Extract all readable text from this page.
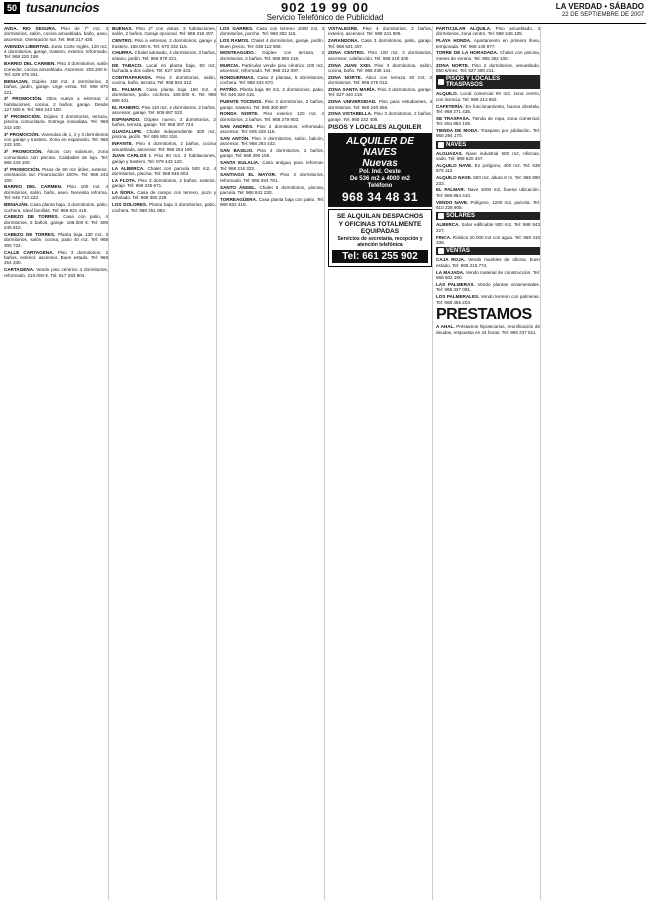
50 tusanuncios	902 19 99 00
Servicio Telefónico de Publicidad
LA VERDAD • SÁBADO
22 DE SEPTIEMBRE DE 2007

AVDA. RIO SEGURA. Piso de 7º m2, 3 dormitorios, salón, cocina amueblada, baño, aseo, ascensor. Orientación sur. Tel: 968 217 435.

AVENIDA LIBERTAD. Junto Corte Inglés, 120 m2, 4 dormitorios, garaje, trastero, exterior, reformado. Tel: 968 220 158.

BARRIO DEL CARMEN. Piso 3 dormitorios, salón comedor, cocina amueblada. Ascensor. 203.200 €. Tel: 629 375 451.

BENIAJAN. Dúplex 150 m2, 4 dormitorios, 2 baños, jardín, garaje. Urge venta. Tel: 968 870 221.

3ª PROMOCIÓN. Obra nueva a estrenar, 2 habitaciones, cocina, 2 baños, garaje. Desde 127.000 €. Tel: 968 243 100.

3ª PROMOCIÓN. Dúplex 3 dormitorios, terraza, piscina comunitaria. Entrega inmediata. Tel: 968 243 100.

3ª PROMOCIÓN. Viviendas de 1, 2 y 3 dormitorios con garaje y trastero. Zona en expansión. Tel: 968 243 100.

3ª PROMOCIÓN. Áticos con solarium, zona comunitaria con piscina. Calidades de lujo. Tel: 968 243 100.

3ª PROMOCIÓN. Pisos de 90 m2 útiles, exterior, orientación sur. Financiación 100%. Tel: 968 243 100.

BARRIO DEL CARMEN. Piso 100 m2, 4 dormitorios, salón, baño, aseo. Necesita reforma. Tel: 646 710 223.

BENIAJÁN. Casa planta baja, 3 dormitorios, patio, cochera. Ideal familias. Tel: 968 821 419.

CABEZO DE TORRES. Casa con patio, 4 dormitorios, 2 baños, garaje. 186.000 €. Tel: 609 245 810.

CABEZO DE TORRES. Planta baja 130 m2, 3 dormitorios, salón, cocina, patio 40 m2. Tel: 968 305 722.

CALLE CARTAGENA. Piso 3 dormitorios, 2 baños, exterior, ascensor. Buen estado. Tel: 968 254 330.

CARTAGENA. Vendo piso céntrico 4 dormitorios, reformado. 210.000 €. Tel: 617 283 904.

BUENAS. Piso 2º con vistas, 3 habitaciones, salón, 2 baños. Garaje opcional. Tel: 968 218 407.

CENTRO. Piso a estrenar, 2 dormitorios, garaje y trastero. 168.000 €. Tel: 670 332 115.

CHURRA. Chalet adosado, 4 dormitorios, 3 baños, sótano, jardín. Tel: 968 879 221.

DE TABACO. Local en planta baja, 80 m2, fachada a dos calles. Tel: 627 109 443.

CONTRAPARADA. Piso 3 dormitorios, salón, cocina, baño, terraza. Tel: 968 844 312.

EL PALMAR. Casa planta baja 150 m2, 4 dormitorios, patio, cochera. 189.000 €. Tel: 968 889 401.

EL RANERO. Piso 110 m2, 4 dormitorios, 2 baños, ascensor, garaje. Tel: 609 887 520.

ESPINARDO. Dúplex nuevo, 3 dormitorios, 2 baños, terraza, garaje. Tel: 968 307 744.

GUADALUPE. Chalet independiente 300 m2, piscina, jardín. Tel: 655 902 318.

INFANTE. Piso 4 dormitorios, 2 baños, cocina amueblada, ascensor. Tel: 968 264 190.

JUAN CARLOS I. Piso 90 m2, 3 habitaciones, garaje y trastero. Tel: 679 443 120.

LA ALBERCA. Chalet con parcela 500 m2, 4 dormitorios, piscina. Tel: 968 845 603.

LA FLOTA. Piso 3 dormitorios, 2 baños, exterior, garaje. Tel: 968 235 671.

LA ÑORA. Casa de campo con terreno, pozo y arbolado. Tel: 968 380 228.

LOS DOLORES. Planta baja 3 dormitorios, patio, cochera. Tel: 968 251 983.

LOS GARRES. Casa con terreno 1000 m2, 3 dormitorios, porche. Tel: 968 302 115.

LOS RAMOS. Chalet 4 dormitorios, garaje, jardín. Buen precio. Tel: 639 112 508.

MONTEAGUDO. Dúplex con terraza, 3 dormitorios, 2 baños. Tel: 968 850 216.

MURCIA. Particular vende piso céntrico 100 m2, ascensor, reformado. Tel: 968 212 097.

NONDUERMAS. Casa 2 plantas, 5 dormitorios, cochera. Tel: 968 342 670.

PATIÑO. Planta baja 90 m2, 3 dormitorios, patio. Tel: 646 320 415.

PUENTE TOCINOS. Piso 3 dormitorios, 2 baños, garaje, trastero. Tel: 968 300 887.

RONDA NORTE. Piso exterior 120 m2, 4 dormitorios, 2 baños. Tel: 968 279 903.

SAN ANDRÉS. Piso 2 dormitorios, reformado, ascensor. Tel: 605 228 116.

SAN ANTÓN. Piso 3 dormitorios, salón, balcón, ascensor. Tel: 968 293 442.

SAN BASILIO. Piso 4 dormitorios, 2 baños, garaje. Tel: 968 290 155.

SANTA EULALIA. Casa antigua para reformar. Tel: 968 216 322.

SANTIAGO EL MAYOR. Piso 3 dormitorios, reformado. Tel: 968 254 781.

SANTO ÁNGEL. Chalet 5 dormitorios, piscina, parcela. Tel: 968 841 230.

TORREAGÜERA. Casa planta baja con patio. Tel: 968 822 419.

VISTALEGRE. Piso 4 dormitorios, 2 baños, exterior, ascensor. Tel: 968 241 906.

ZARANDONA. Casa 3 dormitorios, patio, garaje. Tel: 968 831 407.

ZONA CENTRO. Piso 100 m2, 3 dormitorios, ascensor, calefacción. Tel: 968 218 330.

ZONA JUAN XXIII. Piso 3 dormitorios, salón, cocina, baño. Tel: 968 238 144.

ZONA NORTE. Ático con terraza 40 m2, 2 dormitorios. Tel: 968 275 012.

ZONA SANTA MARÍA. Piso 3 dormitorios, garaje. Tel: 627 440 219.

ZONA UNIVERSIDAD. Piso para estudiantes, 4 dormitorios. Tel: 968 240 566.

ZONA VISTABELLA. Piso 3 dormitorios, 2 baños, garaje. Tel: 968 232 408.

PISOS Y LOCALES ALQUILER
ALQUILER DE NAVES
Nuevas
Pol. Ind. Oeste
De 536 m2 a 4000 m2
Teléfono
968 34 48 31
SE ALQUILAN DESPACHOS
Y OFICINAS TOTALMENTE EQUIPADAS
Servicios de secretaría, recepción y atención telefónica
Tel: 661 255 902

PARTICULAR ALQUILA. Piso amueblado, 3 dormitorios, zona centro. Tel: 968 246 105.

PLAYA HONDA. Apartamento en primera línea, temporada. Tel: 968 145 877.

TORRE DE LA HORADADA. Chalet con piscina, meses de verano. Tel: 965 352 100.

ZONA NORTE. Piso 2 dormitorios, amueblado. 550 €/mes. Tel: 627 390 211.

PISOS Y LOCALES TRASPASOS

ALQUILO. Local comercial 90 m2, zona centro, con licencia. Tel: 968 213 662.

CAFETERÍA. En funcionamiento, buena clientela. Tel: 968 271 435.

SE TRASPASA. Tienda de ropa, zona comercial. Tel: 654 882 109.

TIENDA DE MODA. Traspaso por jubilación. Tel: 968 294 170.

NAVES

ALGUAZAS. Nave industrial 600 m2, oficinas, vado. Tel: 968 620 447.

ALQUILO NAVE. En polígono, 400 m2. Tel: 639 875 112.

ALQUILO NAVE. 500 m2, altura 8 m. Tel: 968 890 233.

EL PALMAR. Nave 1000 m2, buena ubicación. Tel: 968 884 410.

VENDO NAVE. Polígono, 1200 m2, parcela. Tel: 610 228 905.

SOLARES

ALBERCA. Solar edificable 500 m2. Tel: 968 843 227.

FINCA. Rústica 20.000 m2 con agua. Tel: 968 410 338.

VENTAS

CAJA ROJA. Vendo muebles de oficina, buen estado. Tel: 968 215 774.

LA MAJADA. Vendo material de construcción. Tel: 968 602 180.

LAS PALMERAS. Vendo plantas ornamentales. Tel: 968 337 091.

LOS PALMERALES. Vendo terreno con palmeras. Tel: 968 455 203.

PRESTAMOS

A AHAL. Préstamos hipotecarios, reunificación de deudas, respuesta en 24 horas. Tel: 968 237 811.
